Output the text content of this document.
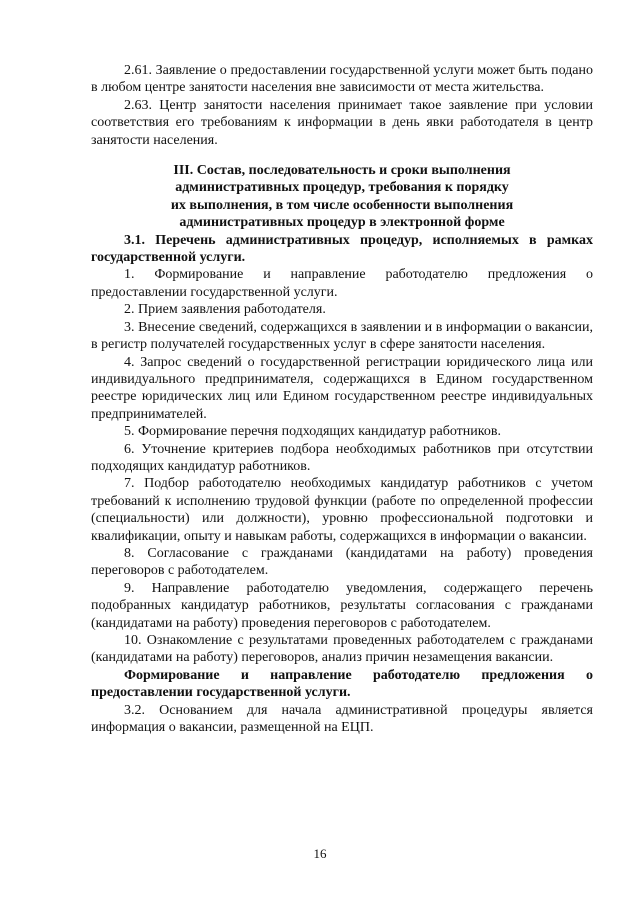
2.61. Заявление о предоставлении государственной услуги может быть подано в любом центре занятости населения вне зависимости от места жительства.

2.63. Центр занятости населения принимает такое заявление при условии соответствия его требованиям к информации в день явки работодателя в центр занятости населения.

III. Состав, последовательность и сроки выполнения
административных процедур, требования к порядку
их выполнения, в том числе особенности выполнения
административных процедур в электронной форме

3.1. Перечень административных процедур, исполняемых в рамках государственной услуги.

1. Формирование и направление работодателю предложения о предоставлении государственной услуги.

2. Прием заявления работодателя.

3. Внесение сведений, содержащихся в заявлении и в информации о вакансии, в регистр получателей государственных услуг в сфере занятости населения.

4. Запрос сведений о государственной регистрации юридического лица или индивидуального предпринимателя, содержащихся в Едином государственном реестре юридических лиц или Едином государственном реестре индивидуальных предпринимателей.

5. Формирование перечня подходящих кандидатур работников.

6. Уточнение критериев подбора необходимых работников при отсутствии подходящих кандидатур работников.

7. Подбор работодателю необходимых кандидатур работников с учетом требований к исполнению трудовой функции (работе по определенной профессии (специальности) или должности), уровню профессиональной подготовки и квалификации, опыту и навыкам работы, содержащихся в информации о вакансии.

8. Согласование с гражданами (кандидатами на работу) проведения переговоров с работодателем.

9. Направление работодателю уведомления, содержащего перечень подобранных кандидатур работников, результаты согласования с гражданами (кандидатами на работу) проведения переговоров с работодателем.

10. Ознакомление с результатами проведенных работодателем с гражданами (кандидатами на работу) переговоров, анализ причин незамещения вакансии.

Формирование и направление работодателю предложения о предоставлении государственной услуги.

3.2. Основанием для начала административной процедуры является информация о вакансии, размещенной на ЕЦП.

16
